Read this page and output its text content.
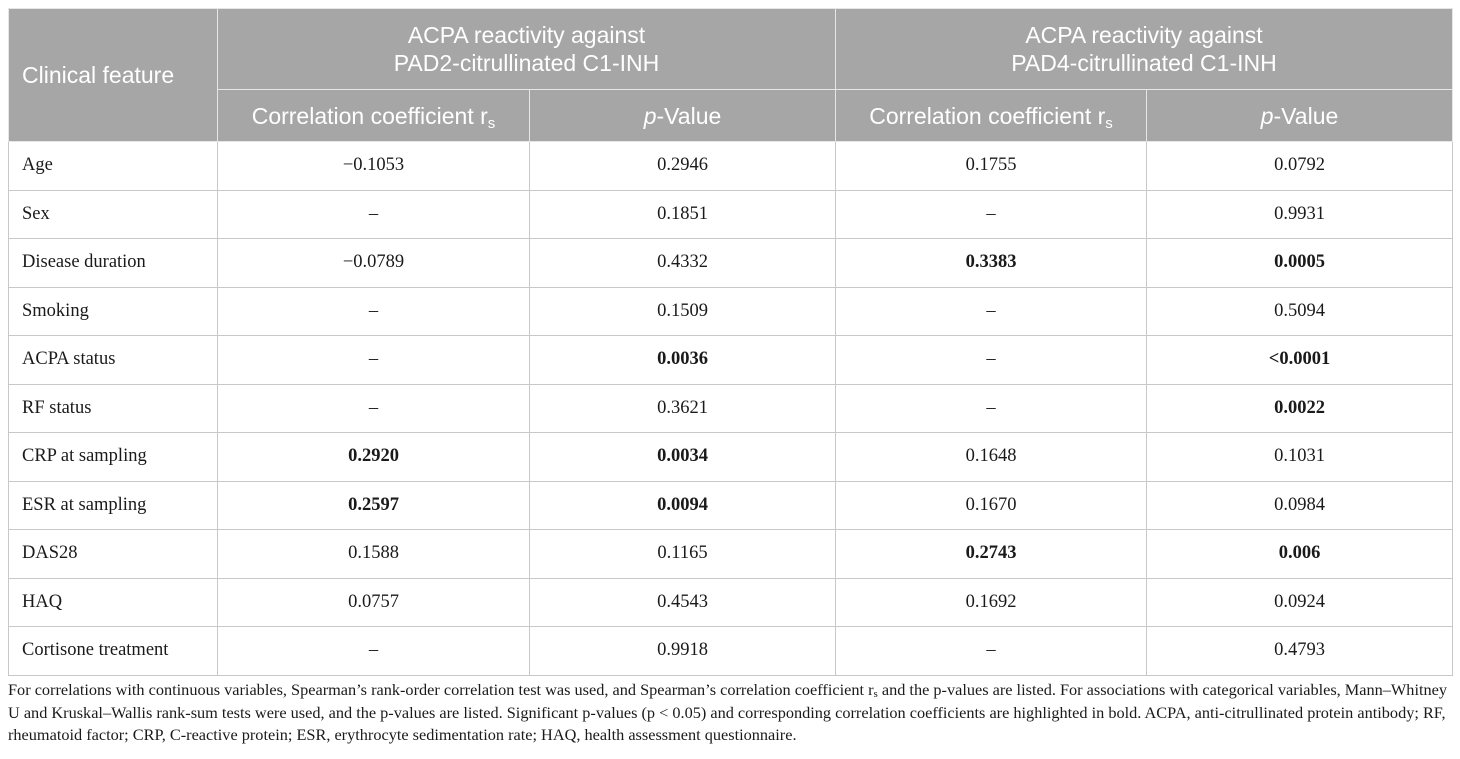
Clinical feature	ACPA reactivity against PAD2-citrullinated C1-INH		ACPA reactivity against PAD4-citrullinated C1-INH	
	Correlation coefficient $r_s$	p-Value	Correlation coefficient $r_s$	p-Value
Age	−0.1053	0.2946	0.1755	0.0792
Sex	–	0.1851	–	0.9931
Disease duration	−0.0789	0.4332	0.3383	0.0005
Smoking	–	0.1509	–	0.5094
ACPA status	–	0.0036	–	<0.0001
RF status	–	0.3621	–	0.0022
CRP at sampling	0.2920	0.0034	0.1648	0.1031
ESR at sampling	0.2597	0.0094	0.1670	0.0984
DAS28	0.1588	0.1165	0.2743	0.006
HAQ	0.0757	0.4543	0.1692	0.0924
Cortisone treatment	–	0.9918	–	0.4793
For correlations with continuous variables, Spearman’s rank-order correlation test was used, and Spearman’s correlation coefficient $r_s$ and the p-values are listed. For associations with categorical variables, Mann–Whitney U and Kruskal–Wallis rank-sum tests were used, and the p-values are listed. Significant p-values (p < 0.05) and corresponding correlation coefficients are highlighted in bold. ACPA, anti-citrullinated protein antibody; RF, rheumatoid factor; CRP, C-reactive protein; ESR, erythrocyte sedimentation rate; HAQ, health assessment questionnaire.
